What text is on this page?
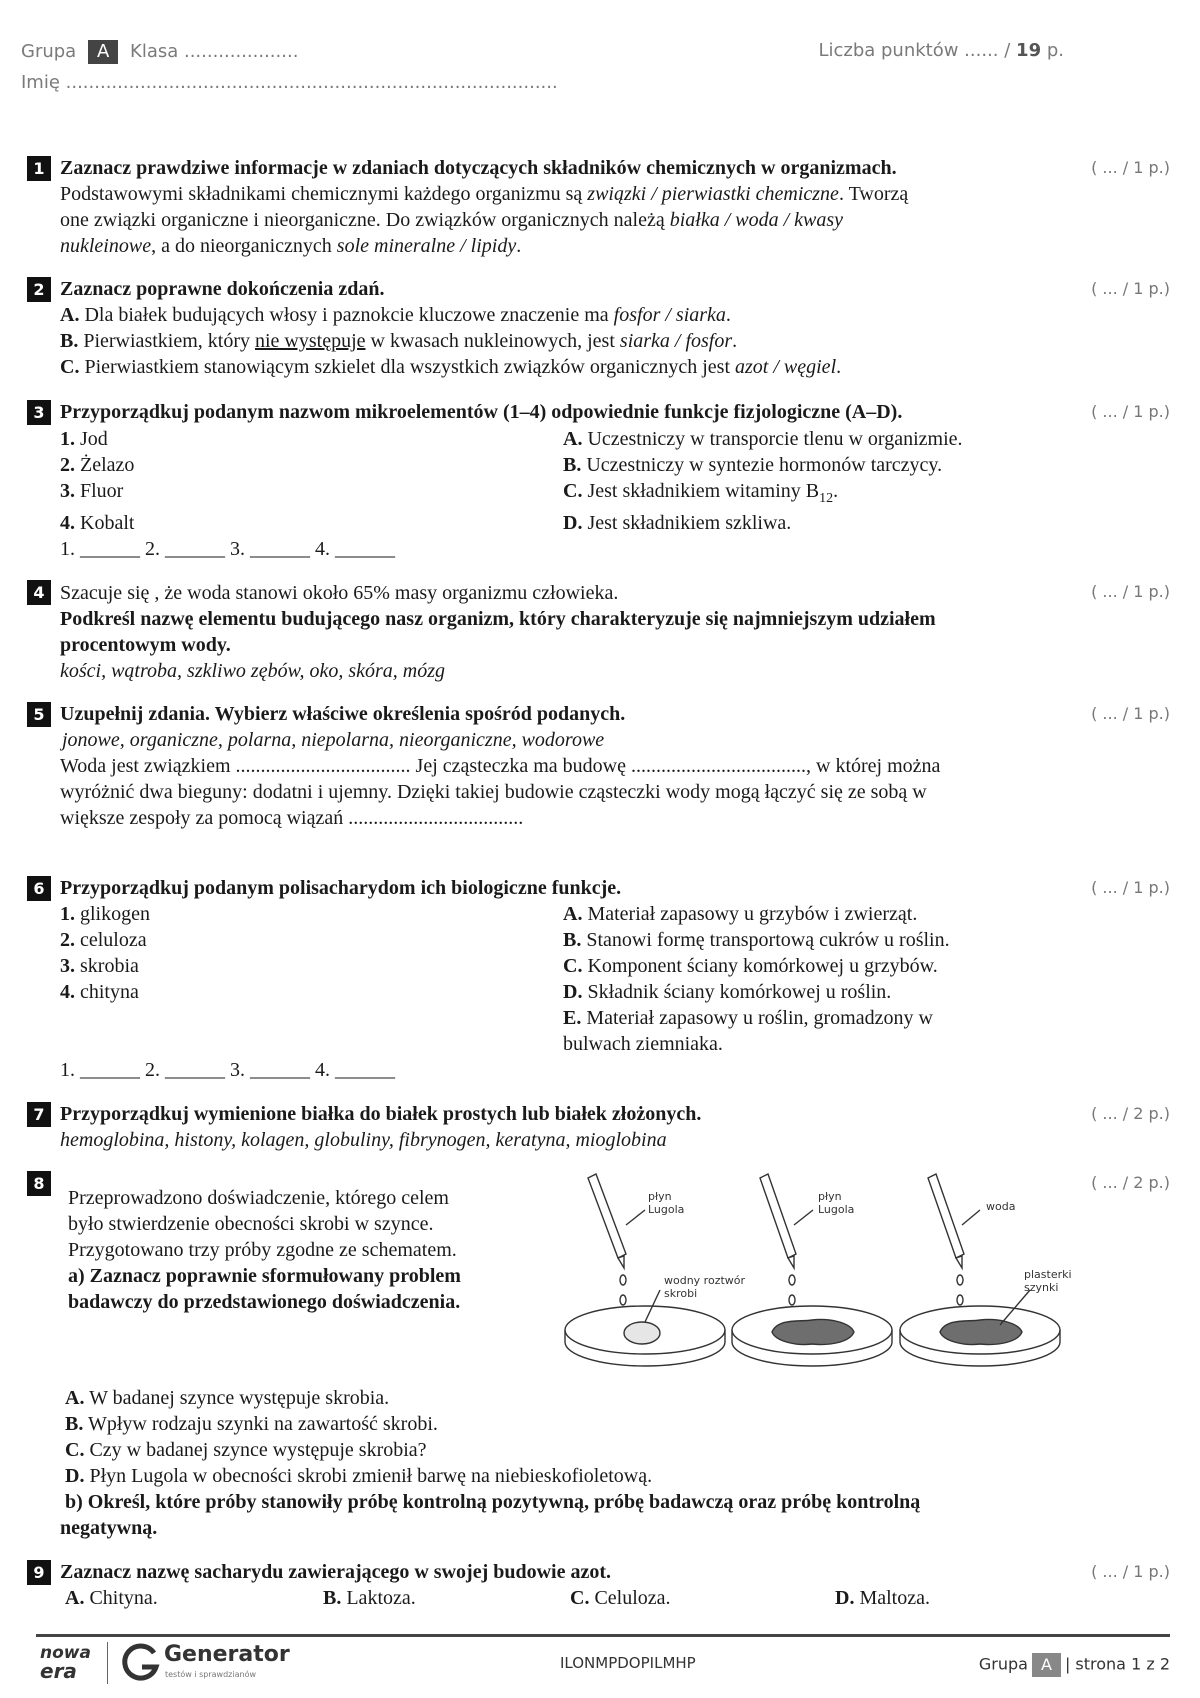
Grupa A Klasa ....................	Liczba punktów ...... / 19 p.
Imię ......................................................................................
1	( ... / 1 p.)
Zaznacz prawdziwe informacje w zdaniach dotyczących składników chemicznych w organizmach.
Podstawowymi składnikami chemicznymi każdego organizmu są związki / pierwiastki chemiczne. Tworzą
one związki organiczne i nieorganiczne. Do związków organicznych należą białka / woda / kwasy
nukleinowe, a do nieorganicznych sole mineralne / lipidy.
2	( ... / 1 p.)
Zaznacz poprawne dokończenia zdań.
A. Dla białek budujących włosy i paznokcie kluczowe znaczenie ma fosfor / siarka.
B. Pierwiastkiem, który nie występuje w kwasach nukleinowych, jest siarka / fosfor.
C. Pierwiastkiem stanowiącym szkielet dla wszystkich związków organicznych jest azot / węgiel.
3	( ... / 1 p.)
Przyporządkuj podanym nazwom mikroelementów (1–4) odpowiednie funkcje fizjologiczne (A–D).
1. Jod
2. Żelazo
3. Fluor
4. Kobalt
A. Uczestniczy w transporcie tlenu w organizmie.
B. Uczestniczy w syntezie hormonów tarczycy.
C. Jest składnikiem witaminy $B_{12}$.
D. Jest składnikiem szkliwa.
1. ______ 2. ______ 3. ______ 4. ______
4	( ... / 1 p.)
Szacuje się , że woda stanowi około 65% masy organizmu człowieka.
Podkreśl nazwę elementu budującego nasz organizm, który charakteryzuje się najmniejszym udziałem
procentowym wody.
kości, wątroba, szkliwo zębów, oko, skóra, mózg
5	( ... / 1 p.)
Uzupełnij zdania. Wybierz właściwe określenia spośród podanych.
jonowe, organiczne, polarna, niepolarna, nieorganiczne, wodorowe
Woda jest związkiem ................................... Jej cząsteczka ma budowę ..................................., w której można
wyróżnić dwa bieguny: dodatni i ujemny. Dzięki takiej budowie cząsteczki wody mogą łączyć się ze sobą w
większe zespoły za pomocą wiązań ...................................
6	( ... / 1 p.)
Przyporządkuj podanym polisacharydom ich biologiczne funkcje.
1. glikogen
2. celuloza
3. skrobia
4. chityna
A. Materiał zapasowy u grzybów i zwierząt.
B. Stanowi formę transportową cukrów u roślin.
C. Komponent ściany komórkowej u grzybów.
D. Składnik ściany komórkowej u roślin.
E. Materiał zapasowy u roślin, gromadzony w
bulwach ziemniaka.
1. ______ 2. ______ 3. ______ 4. ______
7	( ... / 2 p.)
Przyporządkuj wymienione białka do białek prostych lub białek złożonych.
hemoglobina, histony, kolagen, globuliny, fibrynogen, keratyna, mioglobina
8	( ... / 2 p.)
Przeprowadzono doświadczenie, którego celem
było stwierdzenie obecności skrobi w szynce.
Przygotowano trzy próby zgodne ze schematem.
a) Zaznacz poprawnie sformułowany problem
badawczy do przedstawionego doświadczenia.
płyn Lugola
wodny roztwór skrobi
płyn Lugola	woda
plasterki szynki
A. W badanej szynce występuje skrobia.
B. Wpływ rodzaju szynki na zawartość skrobi.
C. Czy w badanej szynce występuje skrobia?
D. Płyn Lugola w obecności skrobi zmienił barwę na niebieskofioletową.
b) Określ, które próby stanowiły próbę kontrolną pozytywną, próbę badawczą oraz próbę kontrolną
negatywną.
9	( ... / 1 p.)
Zaznacz nazwę sacharydu zawierającego w swojej budowie azot.
A. Chityna.	B. Laktoza.	C. Celuloza.	D. Maltoza.
nowa
era
Generator
testów i sprawdzianów
ILONMPDOPILMHP	Grupa A | strona 1 z 2
